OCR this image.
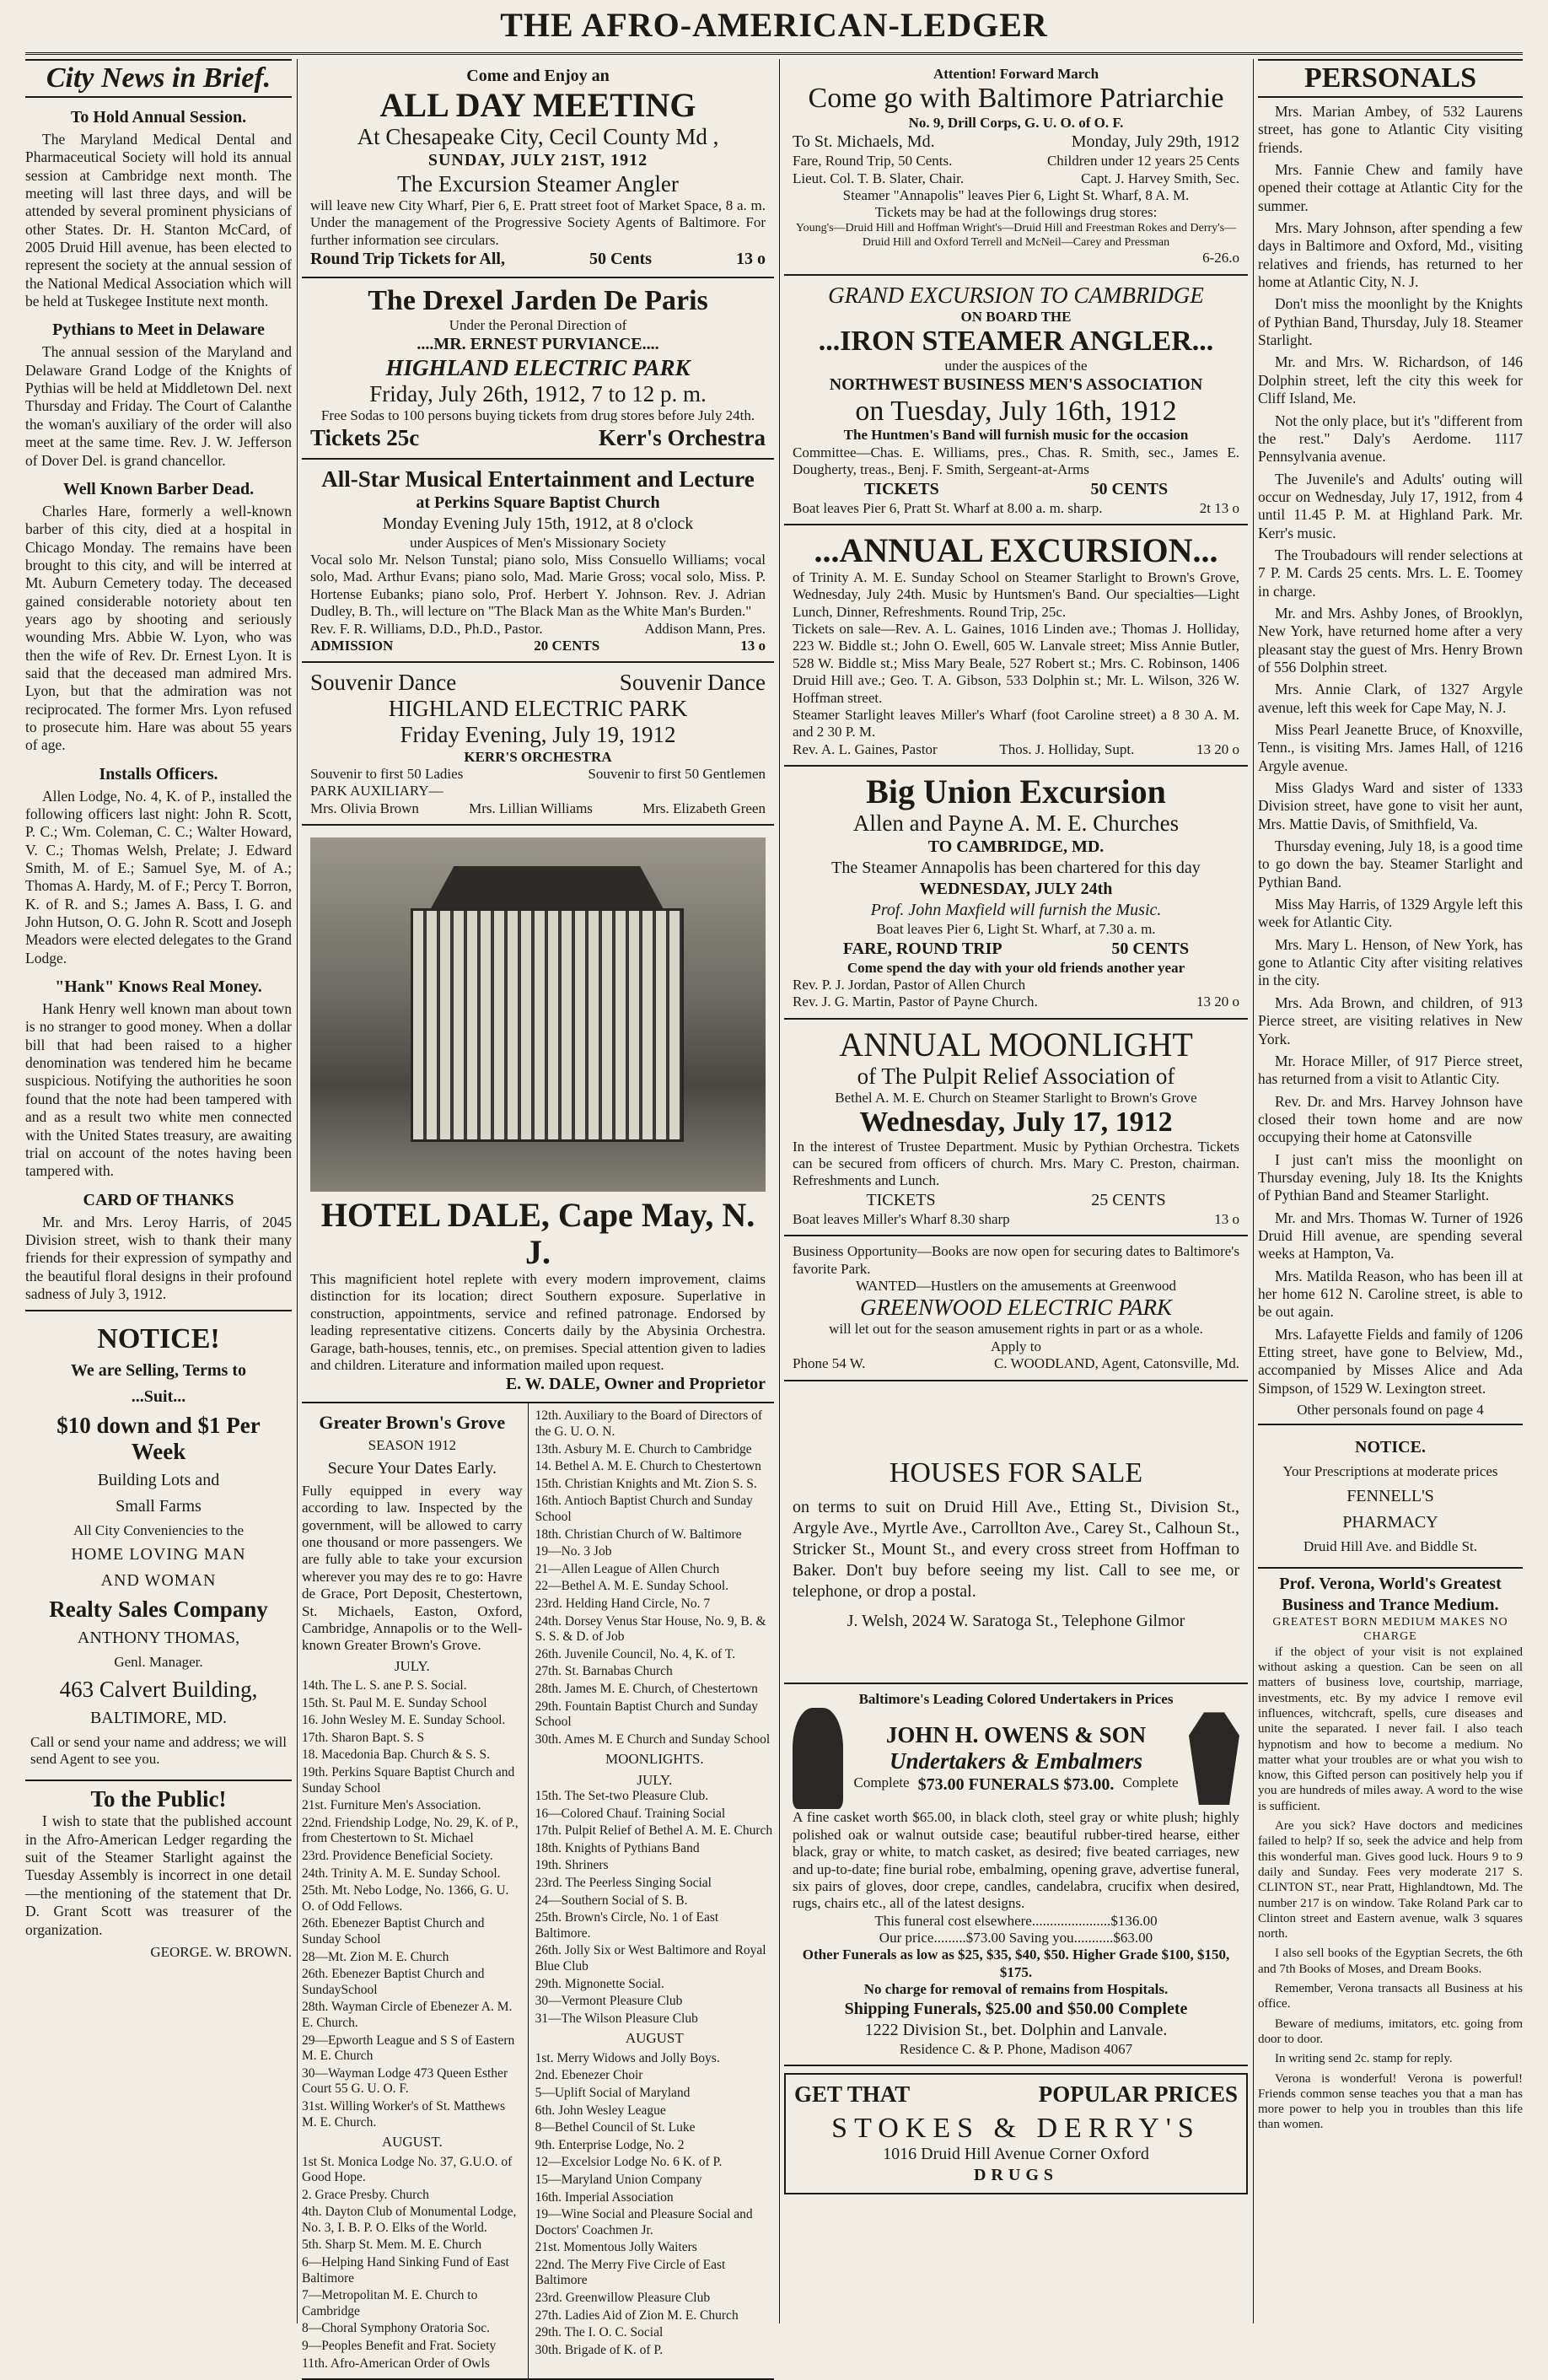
THE AFRO-AMERICAN-LEDGER
City News in Brief.
To Hold Annual Session.

The Maryland Medical Dental and Pharmaceutical Society will hold its annual session at Cambridge next month. The meeting will last three days, and will be attended by several prominent physicians of other States. Dr. H. Stanton McCard, of 2005 Druid Hill avenue, has been elected to represent the society at the annual session of the National Medical Association which will be held at Tuskegee Institute next month.

Pythians to Meet in Delaware

The annual session of the Maryland and Delaware Grand Lodge of the Knights of Pythias will be held at Middletown Del. next Thursday and Friday. The Court of Calanthe the woman's auxiliary of the order will also meet at the same time. Rev. J. W. Jefferson of Dover Del. is grand chancellor.

Well Known Barber Dead.

Charles Hare, formerly a well-known barber of this city, died at a hospital in Chicago Monday. The remains have been brought to this city, and will be interred at Mt. Auburn Cemetery today. The deceased gained considerable notoriety about ten years ago by shooting and seriously wounding Mrs. Abbie W. Lyon, who was then the wife of Rev. Dr. Ernest Lyon. It is said that the deceased man admired Mrs. Lyon, but that the admiration was not reciprocated. The former Mrs. Lyon refused to prosecute him. Hare was about 55 years of age.

Installs Officers.

Allen Lodge, No. 4, K. of P., installed the following officers last night: John R. Scott, P. C.; Wm. Coleman, C. C.; Walter Howard, V. C.; Thomas Welsh, Prelate; J. Edward Smith, M. of E.; Samuel Sye, M. of A.; Thomas A. Hardy, M. of F.; Percy T. Borron, K. of R. and S.; James A. Bass, I. G. and John Hutson, O. G. John R. Scott and Joseph Meadors were elected delegates to the Grand Lodge.

"Hank" Knows Real Money.

Hank Henry well known man about town is no stranger to good money. When a dollar bill that had been raised to a higher denomination was tendered him he became suspicious. Notifying the authorities he soon found that the note had been tampered with and as a result two white men connected with the United States treasury, are awaiting trial on account of the notes having been tampered with.

CARD OF THANKS

Mr. and Mrs. Leroy Harris, of 2045 Division street, wish to thank their many friends for their expression of sympathy and the beautiful floral designs in their profound sadness of July 3, 1912.

NOTICE!
We are Selling, Terms to
...Suit...
$10 down and $1 Per Week
Building Lots and
Small Farms
All City Conveniencies to the
HOME LOVING MAN
AND WOMAN
Realty Sales Company
ANTHONY THOMAS,
Genl. Manager.
463 Calvert Building,
BALTIMORE, MD.
Call or send your name and address; we will send Agent to see you.
To the Public!

I wish to state that the published account in the Afro-American Ledger regarding the suit of the Steamer Starlight against the Tuesday Assembly is incorrect in one detail—the mentioning of the statement that Dr. D. Grant Scott was treasurer of the organization.

GEORGE. W. BROWN.
Come and Enjoy an
ALL DAY MEETING
At Chesapeake City, Cecil County Md ,
SUNDAY, JULY 21ST, 1912
The Excursion Steamer Angler
will leave new City Wharf, Pier 6, E. Pratt street foot of Market Space, 8 a. m. Under the management of the Progressive Society Agents of Baltimore. For further information see circulars.
Round Trip Tickets for All,	50 Cents	13 o
The Drexel Jarden De Paris
Under the Peronal Direction of
....MR. ERNEST PURVIANCE....
HIGHLAND ELECTRIC PARK
Friday, July 26th, 1912, 7 to 12 p. m.
Free Sodas to 100 persons buying tickets from drug stores before July 24th.
Tickets 25c	Kerr's Orchestra
All-Star Musical Entertainment and Lecture
at Perkins Square Baptist Church
Monday Evening July 15th, 1912, at 8 o'clock
under Auspices of Men's Missionary Society
Vocal solo Mr. Nelson Tunstal; piano solo, Miss Consuello Williams; vocal solo, Mad. Arthur Evans; piano solo, Mad. Marie Gross; vocal solo, Miss. P. Hortense Eubanks; piano solo, Prof. Herbert Y. Johnson. Rev. J. Adrian Dudley, B. Th., will lecture on "The Black Man as the White Man's Burden."
Rev. F. R. Williams, D.D., Ph.D., Pastor.	Addison Mann, Pres.
ADMISSION	20 CENTS	13 o
Souvenir Dance	Souvenir Dance
HIGHLAND ELECTRIC PARK
Friday Evening, July 19, 1912
KERR'S ORCHESTRA
Souvenir to first 50 Ladies	Souvenir to first 50 Gentlemen
PARK AUXILIARY—
Mrs. Olivia Brown	Mrs. Lillian Williams	Mrs. Elizabeth Green
HOTEL DALE, Cape May, N. J.
This magnificient hotel replete with every modern improvement, claims distinction for its location; direct Southern exposure. Superlative in construction, appointments, service and refined patronage. Endorsed by leading representative citizens. Concerts daily by the Abysinia Orchestra. Garage, bath-houses, tennis, etc., on premises. Special attention given to ladies and children. Literature and information mailed upon request.
E. W. DALE, Owner and Proprietor
Greater Brown's Grove
SEASON 1912
Secure Your Dates Early.
Fully equipped in every way according to law. Inspected by the government, will be allowed to carry one thousand or more passengers. We are fully able to take your excursion wherever you may des re to go: Havre de Grace, Port Deposit, Chestertown, St. Michaels, Easton, Oxford, Cambridge, Annapolis or to the Well-known Greater Brown's Grove.
JULY.
14th. The L. S. ane P. S. Social.
15th. St. Paul M. E. Sunday School
16. John Wesley M. E. Sunday School.
17th. Sharon Bapt. S. S
18. Macedonia Bap. Church & S. S.
19th. Perkins Square Baptist Church and Sunday School
21st. Furniture Men's Association.
22nd. Friendship Lodge, No. 29, K. of P., from Chestertown to St. Michael
23rd. Providence Beneficial Society.
24th. Trinity A. M. E. Sunday School.
25th. Mt. Nebo Lodge, No. 1366, G. U. O. of Odd Fellows.
26th. Ebenezer Baptist Church and Sunday School
28—Mt. Zion M. E. Church
26th. Ebenezer Baptist Church and SundaySchool
28th. Wayman Circle of Ebenezer A. M. E. Church.
29—Epworth League and S S of Eastern M. E. Church
30—Wayman Lodge 473 Queen Esther Court 55 G. U. O. F.
31st. Willing Worker's of St. Matthews M. E. Church.
AUGUST.
1st St. Monica Lodge No. 37, G.U.O. of Good Hope.
2. Grace Presby. Church
4th. Dayton Club of Monumental Lodge, No. 3, I. B. P. O. Elks of the World.
5th. Sharp St. Mem. M. E. Church
6—Helping Hand Sinking Fund of East Baltimore
7—Metropolitan M. E. Church to Cambridge
8—Choral Symphony Oratoria Soc.
9—Peoples Benefit and Frat. Society
11th. Afro-American Order of Owls
12th. Auxiliary to the Board of Directors of the G. U. O. N.
13th. Asbury M. E. Church to Cambridge
14. Bethel A. M. E. Church to Chestertown
15th. Christian Knights and Mt. Zion S. S.
16th. Antioch Baptist Church and Sunday School
18th. Christian Church of W. Baltimore
19—No. 3 Job
21—Allen League of Allen Church
22—Bethel A. M. E. Sunday School.
23rd. Helding Hand Circle, No. 7
24th. Dorsey Venus Star House, No. 9, B. & S. S. & D. of Job
26th. Juvenile Council, No. 4, K. of T.
27th. St. Barnabas Church
28th. James M. E. Church, of Chestertown
29th. Fountain Baptist Church and Sunday School
30th. Ames M. E Church and Sunday School
MOONLIGHTS.
JULY.
15th. The Set-two Pleasure Club.
16—Colored Chauf. Training Social
17th. Pulpit Relief of Bethel A. M. E. Church
18th. Knights of Pythians Band
19th. Shriners
23rd. The Peerless Singing Social
24—Southern Social of S. B.
25th. Brown's Circle, No. 1 of East Baltimore.
26th. Jolly Six or West Baltimore and Royal Blue Club
29th. Mignonette Social.
30—Vermont Pleasure Club
31—The Wilson Pleasure Club
AUGUST
1st. Merry Widows and Jolly Boys.
2nd. Ebenezer Choir
5—Uplift Social of Maryland
6th. John Wesley League
8—Bethel Council of St. Luke
9th. Enterprise Lodge, No. 2
12—Excelsior Lodge No. 6 K. of P.
15—Maryland Union Company
16th. Imperial Association
19—Wine Social and Pleasure Social and Doctors' Coachmen Jr.
21st. Momentous Jolly Waiters
22nd. The Merry Five Circle of East Baltimore
23rd. Greenwillow Pleasure Club
27th. Ladies Aid of Zion M. E. Church
29th. The I. O. C. Social
30th. Brigade of K. of P.
Attention! Forward March
Come go with Baltimore Patriarchie
No. 9, Drill Corps, G. U. O. of O. F.
To St. Michaels, Md.	Monday, July 29th, 1912
Fare, Round Trip, 50 Cents.	Children under 12 years 25 Cents
Lieut. Col. T. B. Slater, Chair.	Capt. J. Harvey Smith, Sec.
Steamer "Annapolis" leaves Pier 6, Light St. Wharf, 8 A. M.
Tickets may be had at the followings drug stores:
Young's—Druid Hill and Hoffman Wright's—Druid Hill and Freestman Rokes and Derry's—Druid Hill and Oxford Terrell and McNeil—Carey and Pressman
6-26.o
GRAND EXCURSION TO CAMBRIDGE
ON BOARD THE
...IRON STEAMER ANGLER...
under the auspices of the
NORTHWEST BUSINESS MEN'S ASSOCIATION
on Tuesday, July 16th, 1912
The Huntmen's Band will furnish music for the occasion
Committee—Chas. E. Williams, pres., Chas. R. Smith, sec., James E. Dougherty, treas., Benj. F. Smith, Sergeant-at-Arms
TICKETS	50 CENTS
Boat leaves Pier 6, Pratt St. Wharf at 8.00 a. m. sharp.	2t 13 o
...ANNUAL EXCURSION...
of Trinity A. M. E. Sunday School on Steamer Starlight to Brown's Grove, Wednesday, July 24th. Music by Huntsmen's Band. Our specialties—Light Lunch, Dinner, Refreshments. Round Trip, 25c.
Tickets on sale—Rev. A. L. Gaines, 1016 Linden ave.; Thomas J. Holliday, 223 W. Biddle st.; John O. Ewell, 605 W. Lanvale street; Miss Annie Butler, 528 W. Biddle st.; Miss Mary Beale, 527 Robert st.; Mrs. C. Robinson, 1406 Druid Hill ave.; Geo. T. A. Gibson, 533 Dolphin st.; Mr. L. Wilson, 326 W. Hoffman street.
Steamer Starlight leaves Miller's Wharf (foot Caroline street) a 8 30 A. M. and 2 30 P. M.
Rev. A. L. Gaines, Pastor	Thos. J. Holliday, Supt.	13 20 o
Big Union Excursion
Allen and Payne A. M. E. Churches
TO CAMBRIDGE, MD.
The Steamer Annapolis has been chartered for this day
WEDNESDAY, JULY 24th
Prof. John Maxfield will furnish the Music.
Boat leaves Pier 6, Light St. Wharf, at 7.30 a. m.
FARE, ROUND TRIP	50 CENTS
Come spend the day with your old friends another year
Rev. P. J. Jordan, Pastor of Allen Church
Rev. J. G. Martin, Pastor of Payne Church.	13 20 o
ANNUAL MOONLIGHT
of The Pulpit Relief Association of
Bethel A. M. E. Church on Steamer Starlight to Brown's Grove
Wednesday, July 17, 1912
In the interest of Trustee Department. Music by Pythian Orchestra. Tickets can be secured from officers of church. Mrs. Mary C. Preston, chairman. Refreshments and Lunch.
TICKETS	25 CENTS
Boat leaves Miller's Wharf 8.30 sharp	13 o
Business Opportunity—Books are now open for securing dates to Baltimore's favorite Park.
WANTED—Hustlers on the amusements at Greenwood
GREENWOOD ELECTRIC PARK
will let out for the season amusement rights in part or as a whole.
Apply to
Phone 54 W.	C. WOODLAND, Agent, Catonsville, Md.
HOUSES FOR SALE
on terms to suit on Druid Hill Ave., Etting St., Division St., Argyle Ave., Myrtle Ave., Carrollton Ave., Carey St., Calhoun St., Stricker St., Mount St., and every cross street from Hoffman to Baker. Don't buy before seeing my list. Call to see me, or telephone, or drop a postal.
J. Welsh, 2024 W. Saratoga St., Telephone Gilmor
Baltimore's Leading Colored Undertakers in Prices
JOHN H. OWENS & SON
Undertakers & Embalmers
Complete $73.00 FUNERALS $73.00. Complete
A fine casket worth $65.00, in black cloth, steel gray or white plush; highly polished oak or walnut outside case; beautiful rubber-tired hearse, either black, gray or white, to match casket, as desired; five beated carriages, new and up-to-date; fine burial robe, embalming, opening grave, advertise funeral, six pairs of gloves, door crepe, candles, candelabra, crucifix when desired, rugs, chairs etc., all of the latest designs.
This funeral cost elsewhere......................$136.00
Our price.........$73.00 Saving you...........$63.00
Other Funerals as low as $25, $35, $40, $50. Higher Grade $100, $150, $175.
No charge for removal of remains from Hospitals.
Shipping Funerals, $25.00 and $50.00 Complete
1222 Division St., bet. Dolphin and Lanvale.
Residence C. & P. Phone, Madison 4067
GET THAT	POPULAR PRICES
STOKES & DERRY'S
1016 Druid Hill Avenue Corner Oxford
DRUGS
PERSONALS

Mrs. Marian Ambey, of 532 Laurens street, has gone to Atlantic City visiting friends.

Mrs. Fannie Chew and family have opened their cottage at Atlantic City for the summer.

Mrs. Mary Johnson, after spending a few days in Baltimore and Oxford, Md., visiting relatives and friends, has returned to her home at Atlantic City, N. J.

Don't miss the moonlight by the Knights of Pythian Band, Thursday, July 18. Steamer Starlight.

Mr. and Mrs. W. Richardson, of 146 Dolphin street, left the city this week for Cliff Island, Me.

Not the only place, but it's "different from the rest." Daly's Aerdome. 1117 Pennsylvania avenue.

The Juvenile's and Adults' outing will occur on Wednesday, July 17, 1912, from 4 until 11.45 P. M. at Highland Park. Mr. Kerr's music.

The Troubadours will render selections at 7 P. M. Cards 25 cents. Mrs. L. E. Toomey in charge.

Mr. and Mrs. Ashby Jones, of Brooklyn, New York, have returned home after a very pleasant stay the guest of Mrs. Henry Brown of 556 Dolphin street.

Mrs. Annie Clark, of 1327 Argyle avenue, left this week for Cape May, N. J.

Miss Pearl Jeanette Bruce, of Knoxville, Tenn., is visiting Mrs. James Hall, of 1216 Argyle avenue.

Miss Gladys Ward and sister of 1333 Division street, have gone to visit her aunt, Mrs. Mattie Davis, of Smithfield, Va.

Thursday evening, July 18, is a good time to go down the bay. Steamer Starlight and Pythian Band.

Miss May Harris, of 1329 Argyle left this week for Atlantic City.

Mrs. Mary L. Henson, of New York, has gone to Atlantic City after visiting relatives in the city.

Mrs. Ada Brown, and children, of 913 Pierce street, are visiting relatives in New York.

Mr. Horace Miller, of 917 Pierce street, has returned from a visit to Atlantic City.

Rev. Dr. and Mrs. Harvey Johnson have closed their town home and are now occupying their home at Catonsville

I just can't miss the moonlight on Thursday evening, July 18. Its the Knights of Pythian Band and Steamer Starlight.

Mr. and Mrs. Thomas W. Turner of 1926 Druid Hill avenue, are spending several weeks at Hampton, Va.

Mrs. Matilda Reason, who has been ill at her home 612 N. Caroline street, is able to be out again.

Mrs. Lafayette Fields and family of 1206 Etting street, have gone to Belview, Md., accompanied by Misses Alice and Ada Simpson, of 1529 W. Lexington street.

Other personals found on page 4
NOTICE.
Your Prescriptions at moderate prices
FENNELL'S
PHARMACY
Druid Hill Ave. and Biddle St.
Prof. Verona, World's Greatest Business and Trance Medium.
GREATEST BORN MEDIUM MAKES NO CHARGE

if the object of your visit is not explained without asking a question. Can be seen on all matters of business love, courtship, marriage, investments, etc. By my advice I remove evil influences, witchcraft, spells, cure diseases and unite the separated. I never fail. I also teach hypnotism and how to become a medium. No matter what your troubles are or what you wish to know, this Gifted person can positively help you if you are hundreds of miles away. A word to the wise is sufficient.

Are you sick? Have doctors and medicines failed to help? If so, seek the advice and help from this wonderful man. Gives good luck. Hours 9 to 9 daily and Sunday. Fees very moderate 217 S. CLINTON ST., near Pratt, Highlandtown, Md. The number 217 is on window. Take Roland Park car to Clinton street and Eastern avenue, walk 3 squares north.

I also sell books of the Egyptian Secrets, the 6th and 7th Books of Moses, and Dream Books.

Remember, Verona transacts all Business at his office.

Beware of mediums, imitators, etc. going from door to door.

In writing send 2c. stamp for reply.

Verona is wonderful! Verona is powerful! Friends common sense teaches you that a man has more power to help you in troubles than this life than women.
